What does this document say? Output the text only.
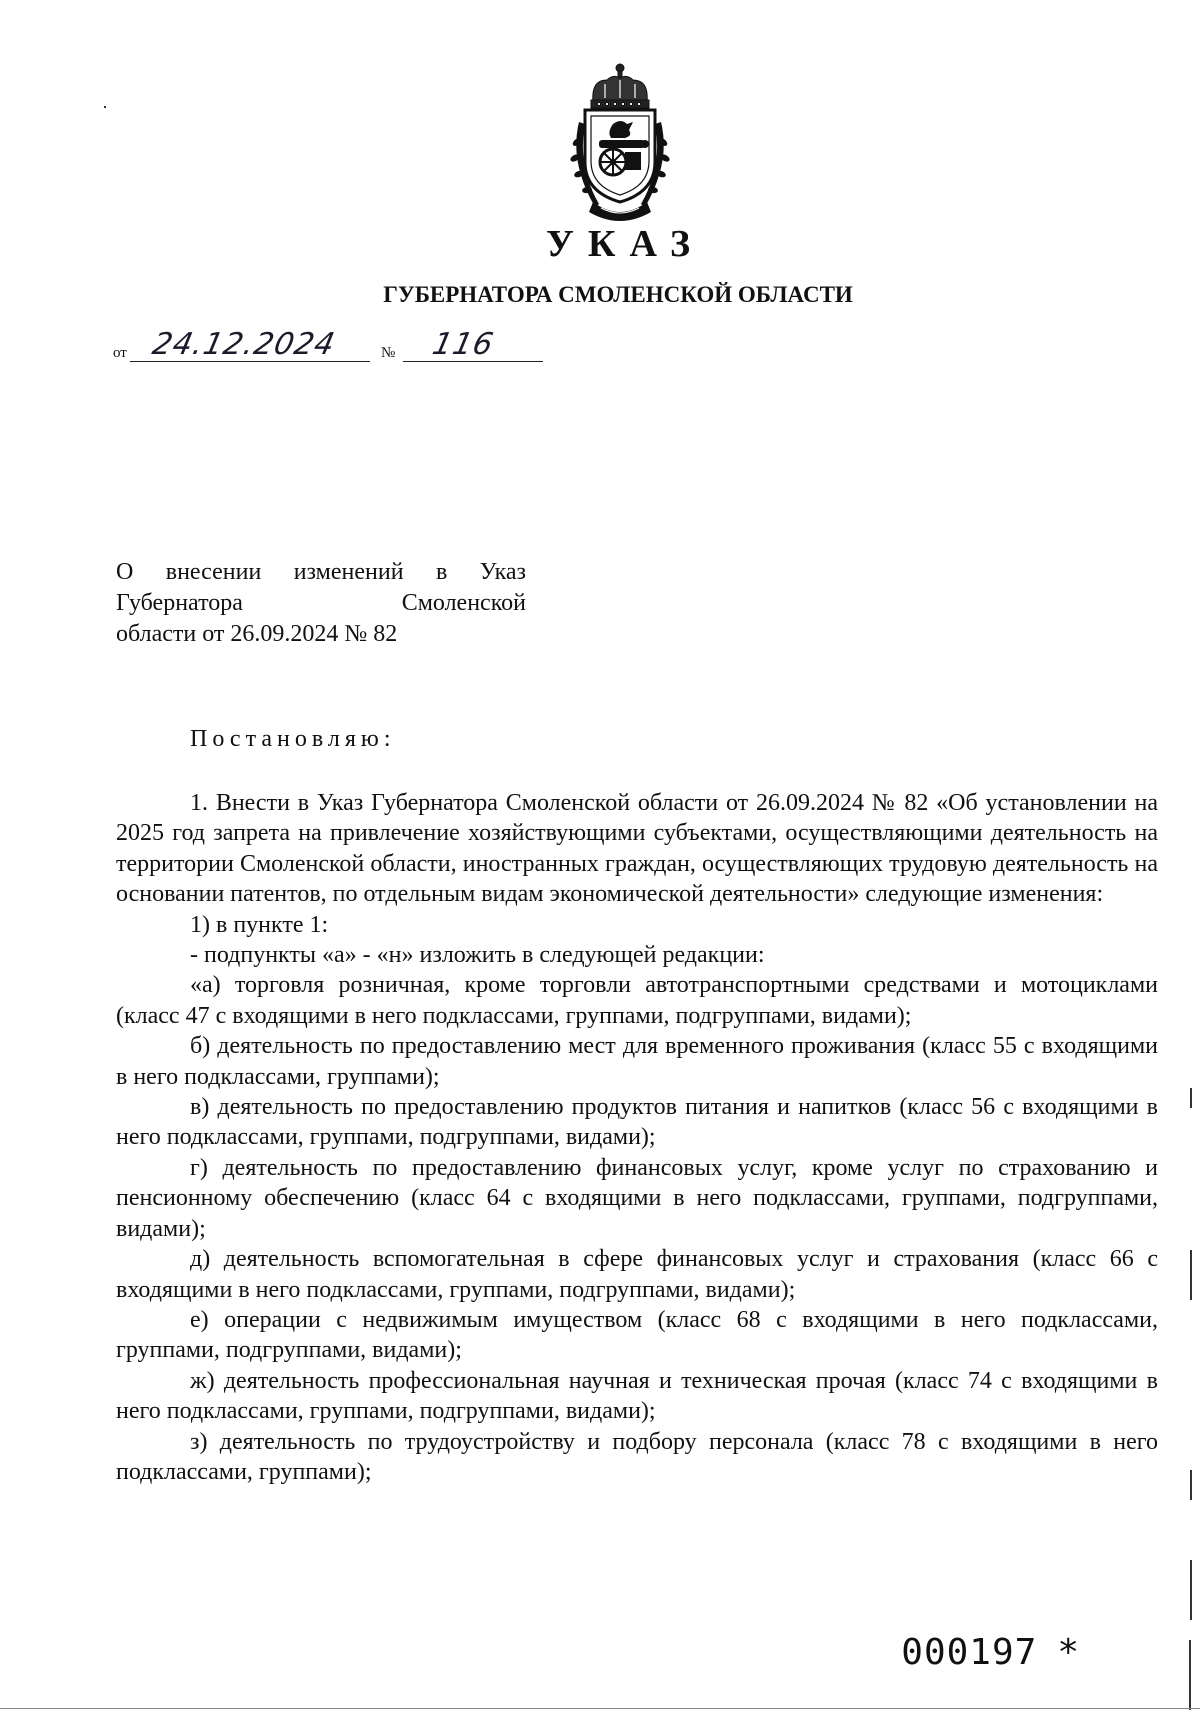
УКАЗ
ГУБЕРНАТОРА СМОЛЕНСКОЙ ОБЛАСТИ
от 24.12.2024	№ 116
О внесении изменений в Указ
Губернатора Смоленской
области от 26.09.2024 № 82
Постановляю:

1. Внести в Указ Губернатора Смоленской области от 26.09.2024 № 82 «Об установлении на 2025 год запрета на привлечение хозяйствующими субъектами, осуществляющими деятельность на территории Смоленской области, иностранных граждан, осуществляющих трудовую деятельность на основании патентов, по отдельным видам экономической деятельности» следующие изменения:

1) в пункте 1:

- подпункты «а» - «н» изложить в следующей редакции:

«а) торговля розничная, кроме торговли автотранспортными средствами и мотоциклами (класс 47 с входящими в него подклассами, группами, подгруппами, видами);

б) деятельность по предоставлению мест для временного проживания (класс 55 с входящими в него подклассами, группами);

в) деятельность по предоставлению продуктов питания и напитков (класс 56 с входящими в него подклассами, группами, подгруппами, видами);

г) деятельность по предоставлению финансовых услуг, кроме услуг по страхованию и пенсионному обеспечению (класс 64 с входящими в него подклассами, группами, подгруппами, видами);

д) деятельность вспомогательная в сфере финансовых услуг и страхования (класс 66 с входящими в него подклассами, группами, подгруппами, видами);

е) операции с недвижимым имуществом (класс 68 с входящими в него подклассами, группами, подгруппами, видами);

ж) деятельность профессиональная научная и техническая прочая (класс 74 с входящими в него подклассами, группами, подгруппами, видами);

з) деятельность по трудоустройству и подбору персонала (класс 78 с входящими в него подклассами, группами);

000197 *
